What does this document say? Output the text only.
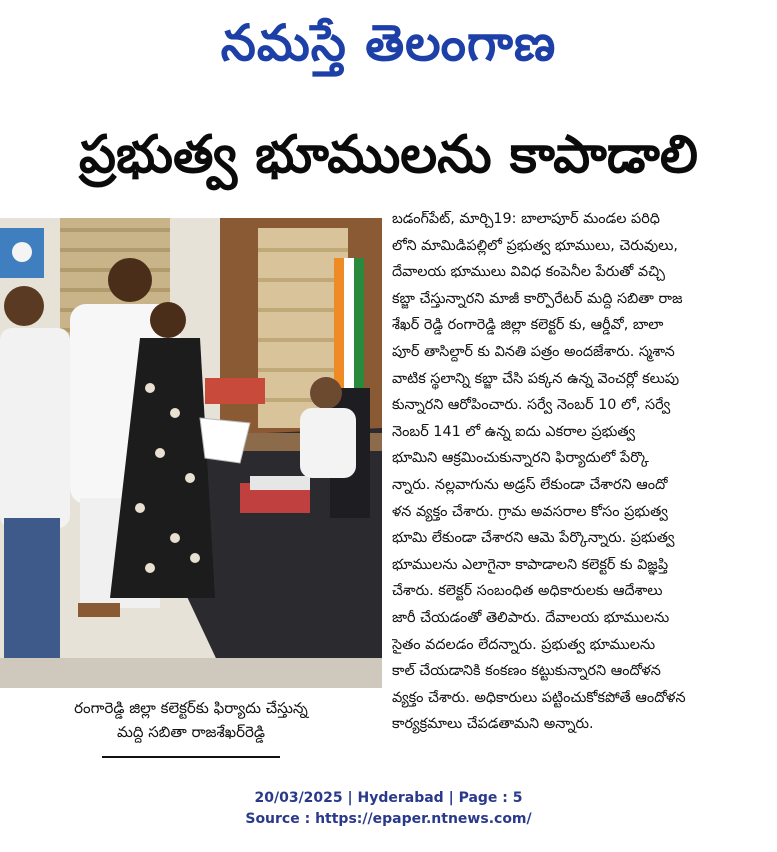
నమస్తే తెలంగాణ
ప్రభుత్వ భూములను కాపాడాలి
రంగారెడ్డి జిల్లా కలెక్టర్‌కు ఫిర్యాదు చేస్తున్న
మద్ది సబితా రాజశేఖర్‌రెడ్డి
బడంగ్‌పేట్, మార్చి19: బాలాపూర్ మండల పరిధి
లోని మామిడిపల్లిలో ప్రభుత్వ భూములు, చెరువులు,
దేవాలయ భూములు వివిధ కంపెనీల పేరుతో వచ్చి
కబ్జా చేస్తున్నారని మాజీ కార్పొరేటర్ మద్ది సబితా రాజ
శేఖర్ రెడ్డి రంగారెడ్డి జిల్లా కలెక్టర్ కు, ఆర్డీవో, బాలా
పూర్ తాసిల్దార్ కు వినతి పత్రం అందజేశారు. స్మశాన
వాటిక స్థలాన్ని కబ్జా చేసి పక్కన ఉన్న వెంచర్లో కలుపు
కున్నారని ఆరోపించారు. సర్వే నెంబర్ 10 లో, సర్వే
నెంబర్ 141 లో ఉన్న ఐదు ఎకరాల ప్రభుత్వ
భూమిని ఆక్రమించుకున్నారని ఫిర్యాదులో పేర్కొ
న్నారు. నల్లవాగును అడ్రస్ లేకుండా చేశారని ఆందో
ళన వ్యక్తం చేశారు. గ్రామ అవసరాల కోసం ప్రభుత్వ
భూమి లేకుండా చేశారని ఆమె పేర్కొన్నారు. ప్రభుత్వ
భూములను ఎలాగైనా కాపాడాలని కలెక్టర్ కు విజ్ఞప్తి
చేశారు. కలెక్టర్ సంబంధిత అధికారులకు ఆదేశాలు
జారీ చేయడంతో తెలిపారు. దేవాలయ భూములను
సైతం వదలడం లేదన్నారు. ప్రభుత్వ భూములను
కాల్ చేయడానికి కంకణం కట్టుకున్నారని ఆందోళన
వ్యక్తం చేశారు. అధికారులు పట్టించుకోకపోతే ఆందోళన
కార్యక్రమాలు చేపడతామని అన్నారు.
20/03/2025 | Hyderabad | Page : 5
Source : https://epaper.ntnews.com/
